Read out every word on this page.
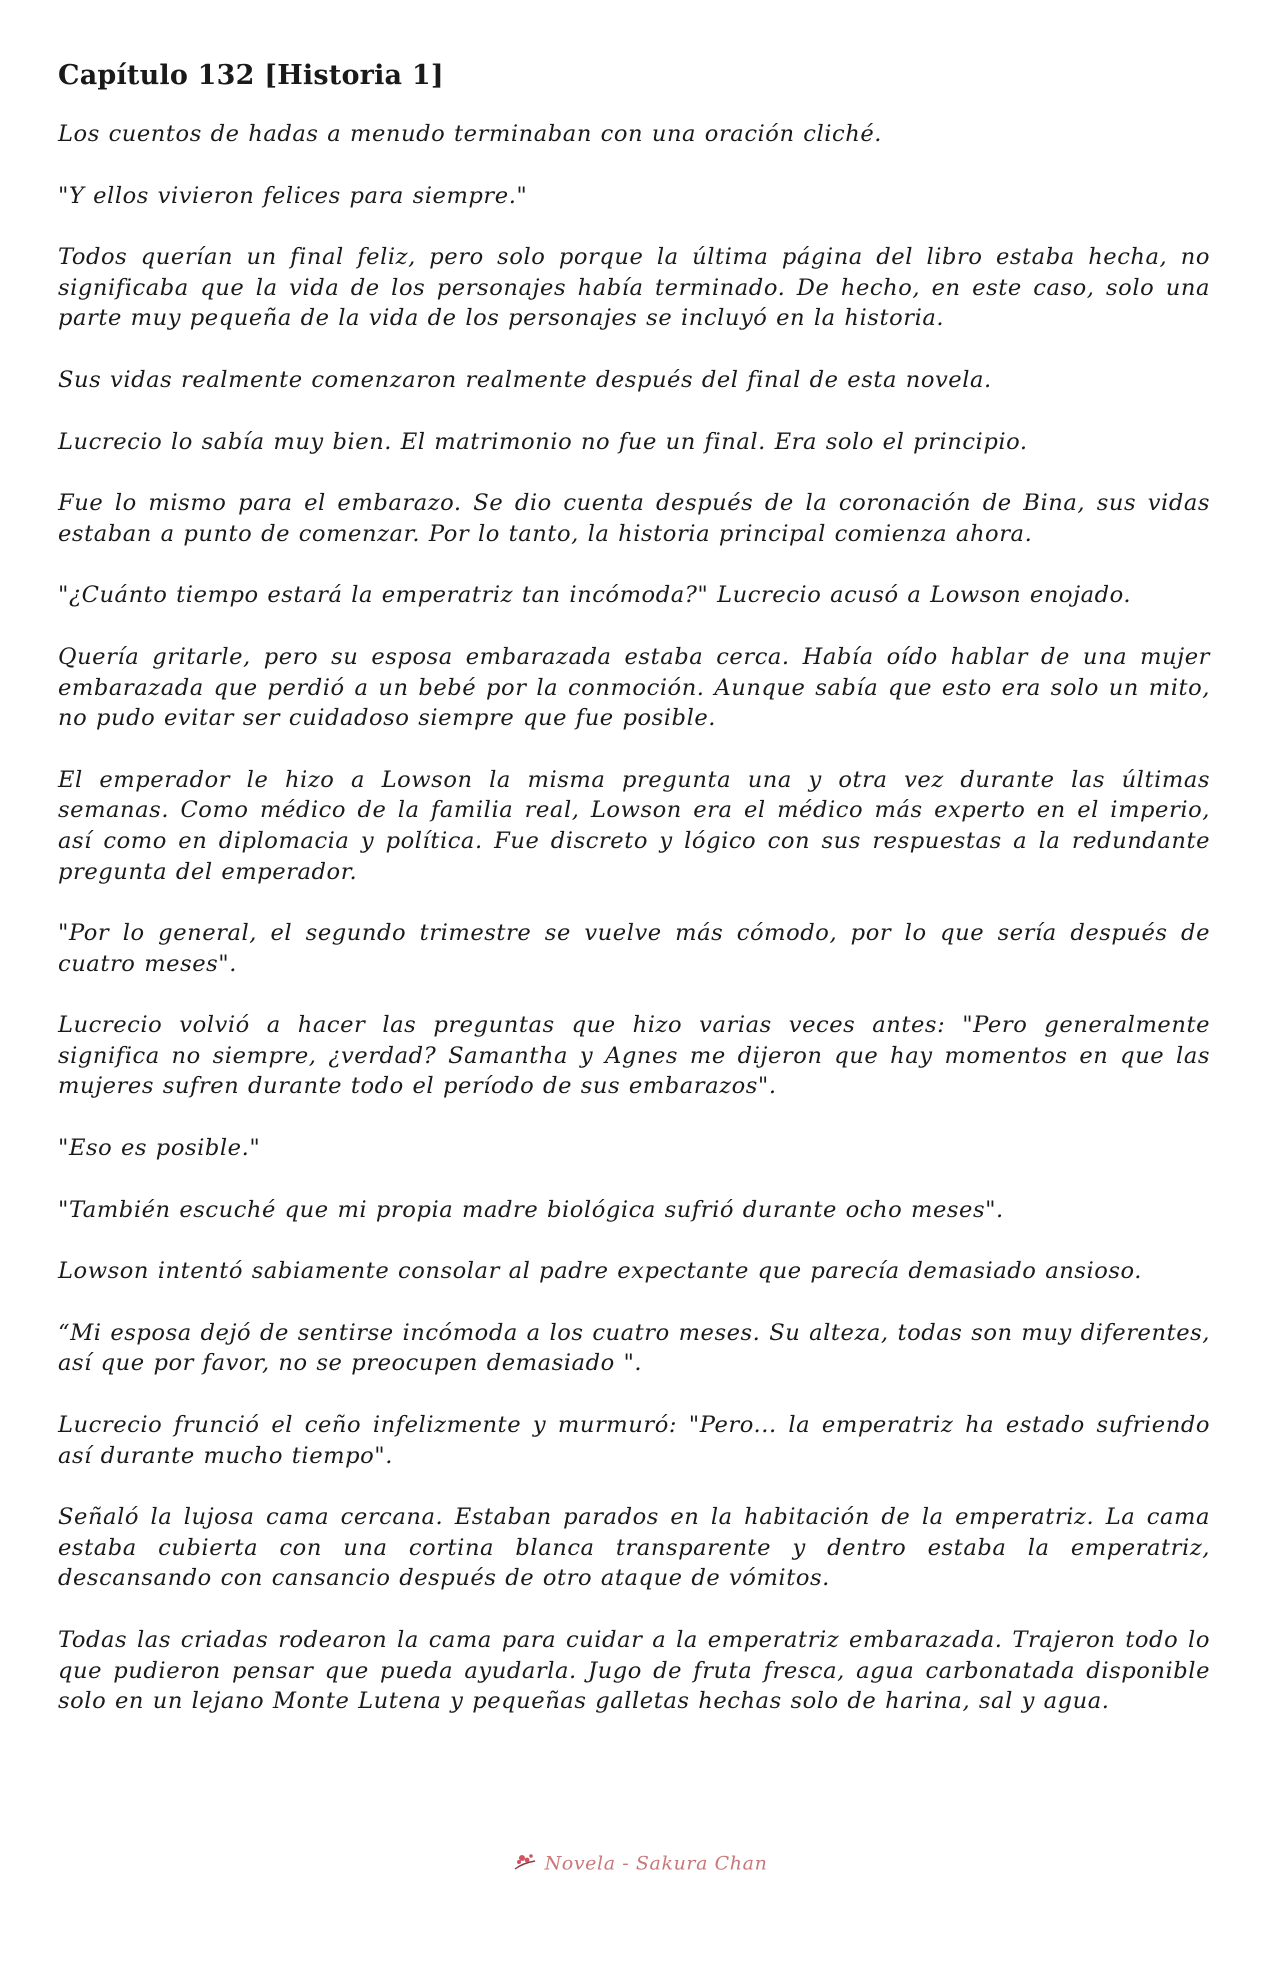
Capítulo 132 [Historia 1]

Los cuentos de hadas a menudo terminaban con una oración cliché.

"Y ellos vivieron felices para siempre."

Todos querían un final feliz, pero solo porque la última página del libro estaba hecha, no significaba que la vida de los personajes había terminado. De hecho, en este caso, solo una parte muy pequeña de la vida de los personajes se incluyó en la historia.

Sus vidas realmente comenzaron realmente después del final de esta novela.

Lucrecio lo sabía muy bien. El matrimonio no fue un final. Era solo el principio.

Fue lo mismo para el embarazo. Se dio cuenta después de la coronación de Bina, sus vidas estaban a punto de comenzar. Por lo tanto, la historia principal comienza ahora.

"¿Cuánto tiempo estará la emperatriz tan incómoda?" Lucrecio acusó a Lowson enojado.

Quería gritarle, pero su esposa embarazada estaba cerca. Había oído hablar de una mujer embarazada que perdió a un bebé por la conmoción. Aunque sabía que esto era solo un mito, no pudo evitar ser cuidadoso siempre que fue posible.

El emperador le hizo a Lowson la misma pregunta una y otra vez durante las últimas semanas. Como médico de la familia real, Lowson era el médico más experto en el imperio, así como en diplomacia y política. Fue discreto y lógico con sus respuestas a la redundante pregunta del emperador.

"Por lo general, el segundo trimestre se vuelve más cómodo, por lo que sería después de cuatro meses".

Lucrecio volvió a hacer las preguntas que hizo varias veces antes: "Pero generalmente significa no siempre, ¿verdad? Samantha y Agnes me dijeron que hay momentos en que las mujeres sufren durante todo el período de sus embarazos".

"Eso es posible."

"También escuché que mi propia madre biológica sufrió durante ocho meses".

Lowson intentó sabiamente consolar al padre expectante que parecía demasiado ansioso.

“Mi esposa dejó de sentirse incómoda a los cuatro meses. Su alteza, todas son muy diferentes, así que por favor, no se preocupen demasiado ".

Lucrecio frunció el ceño infelizmente y murmuró: "Pero... la emperatriz ha estado sufriendo así durante mucho tiempo".

Señaló la lujosa cama cercana. Estaban parados en la habitación de la emperatriz. La cama estaba cubierta con una cortina blanca transparente y dentro estaba la emperatriz, descansando con cansancio después de otro ataque de vómitos.

Todas las criadas rodearon la cama para cuidar a la emperatriz embarazada. Trajeron todo lo que pudieron pensar que pueda ayudarla. Jugo de fruta fresca, agua carbonatada disponible solo en un lejano Monte Lutena y pequeñas galletas hechas solo de harina, sal y agua.

Novela - Sakura Chan
